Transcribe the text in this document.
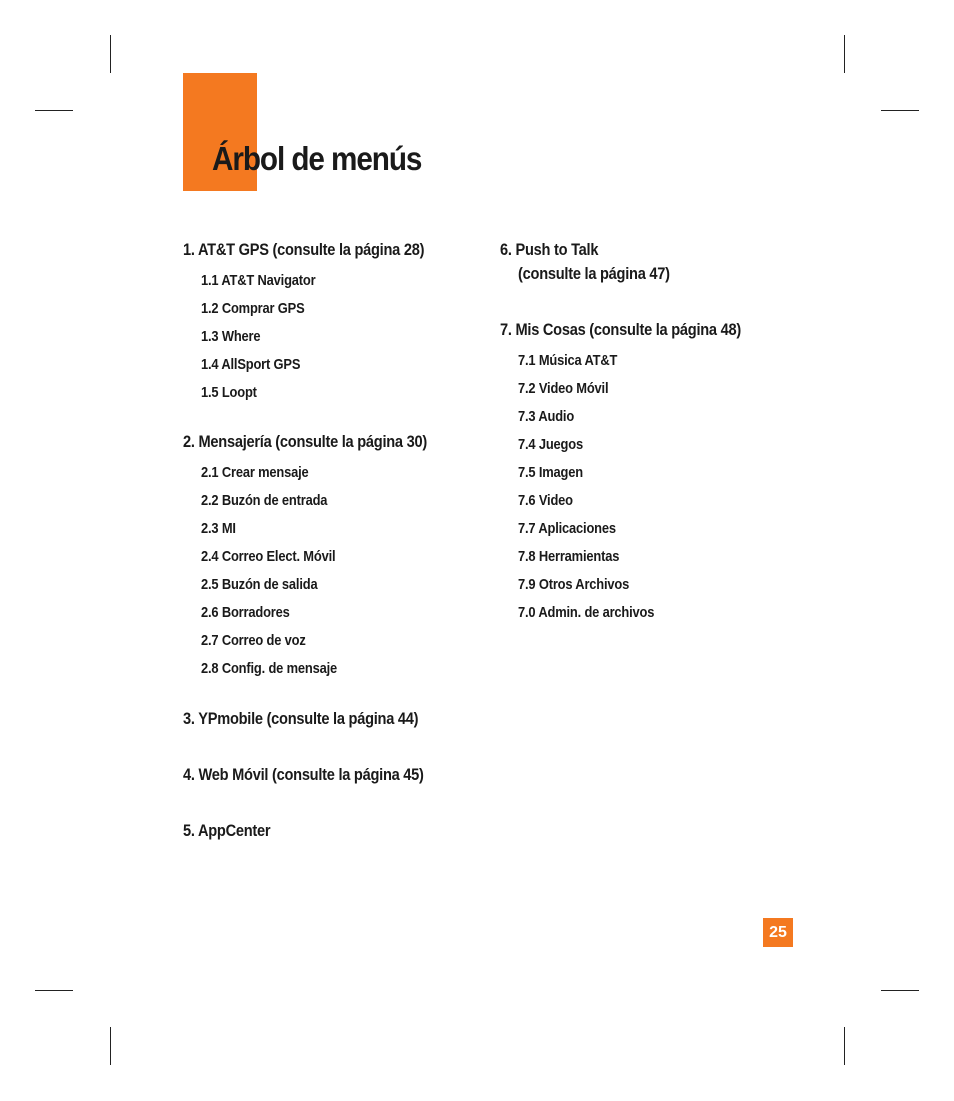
Árbol de menús
1. AT&T GPS (consulte la página 28)
1.1 AT&T Navigator
1.2 Comprar GPS
1.3 Where
1.4 AllSport GPS
1.5 Loopt
2. Mensajería (consulte la página 30)
2.1 Crear mensaje
2.2 Buzón de entrada
2.3 MI
2.4 Correo Elect. Móvil
2.5 Buzón de salida
2.6 Borradores
2.7 Correo de voz
2.8 Config. de mensaje
3. YPmobile (consulte la página 44)
4. Web Móvil (consulte la página 45)
5. AppCenter
6. Push to Talk
(consulte la página 47)
7. Mis Cosas (consulte la página 48)
7.1 Música AT&T
7.2 Video Móvil
7.3 Audio
7.4 Juegos
7.5 Imagen
7.6 Video
7.7 Aplicaciones
7.8 Herramientas
7.9 Otros Archivos
7.0 Admin. de archivos
25
